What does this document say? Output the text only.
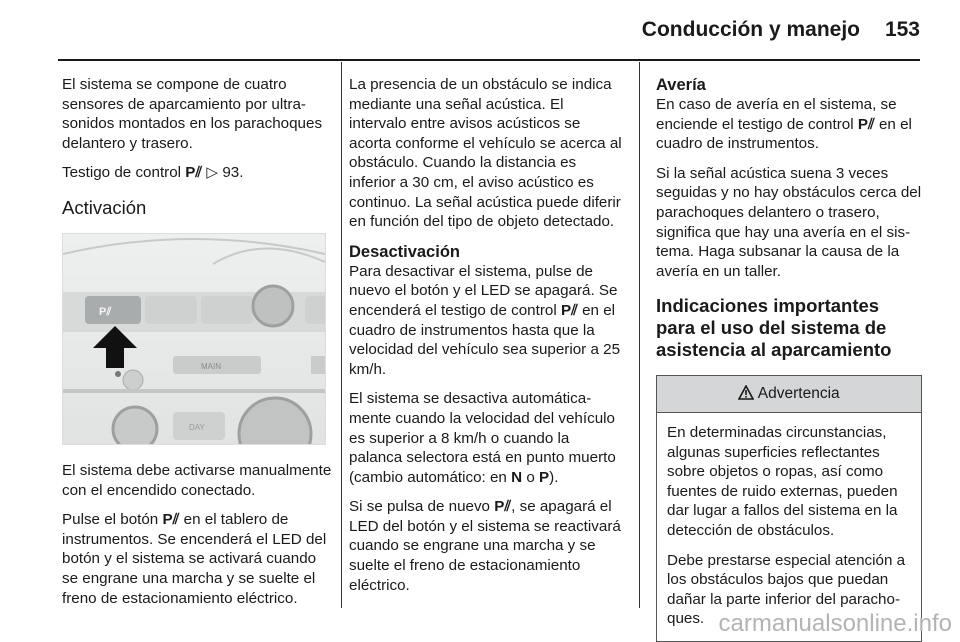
Conducción y manejo 153

El sistema se compone de cuatro sensores de aparcamiento por ultrasonidos montados en los parachoques delantero y trasero.

Testigo de control P⫽ ▷ 93.

Activación
P⫽
MAIN
DAY

El sistema debe activarse manualmente con el encendido conectado.

Pulse el botón P⫽ en el tablero de instrumentos. Se encenderá el LED del botón y el sistema se activará cuando se engrane una marcha y se suelte el freno de estacionamiento eléctrico.

La presencia de un obstáculo se indica mediante una señal acústica. El intervalo entre avisos acústicos se acorta conforme el vehículo se acerca al obstáculo. Cuando la distancia es inferior a 30 cm, el aviso acústico es continuo. La señal acústica puede diferir en función del tipo de objeto detectado.

Desactivación

Para desactivar el sistema, pulse de nuevo el botón y el LED se apagará. Se encenderá el testigo de control P⫽ en el cuadro de instrumentos hasta que la velocidad del vehículo sea superior a 25 km/h.

El sistema se desactiva automáticamente cuando la velocidad del vehículo es superior a 8 km/h o cuando la palanca selectora está en punto muerto (cambio automático: en N o P).

Si se pulsa de nuevo P⫽, se apagará el LED del botón y el sistema se reactivará cuando se engrane una marcha y se suelte el freno de estacionamiento eléctrico.

Avería

En caso de avería en el sistema, se enciende el testigo de control P⫽ en el cuadro de instrumentos.

Si la señal acústica suena 3 veces seguidas y no hay obstáculos cerca del parachoques delantero o trasero, significa que hay una avería en el sistema. Haga subsanar la causa de la avería en un taller.

Indicaciones importantes para el uso del sistema de asistencia al aparcamiento
Advertencia

En determinadas circunstancias, algunas superficies reflectantes sobre objetos o ropas, así como fuentes de ruido externas, pueden dar lugar a fallos del sistema en la detección de obstáculos.

Debe prestarse especial atención a los obstáculos bajos que puedan dañar la parte inferior del parachoques. carmanualsonline.info
